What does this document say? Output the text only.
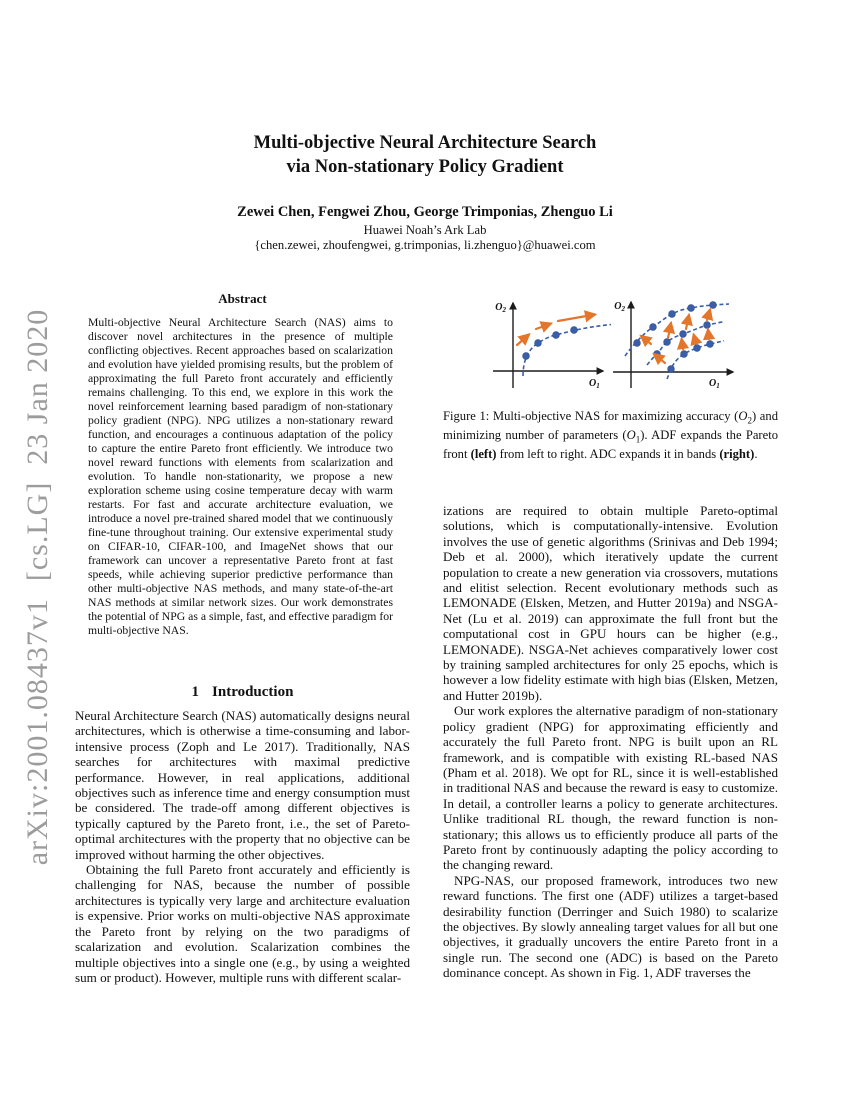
arXiv:2001.08437v1  [cs.LG]  23 Jan 2020
Multi-objective Neural Architecture Search
via Non-stationary Policy Gradient
Zewei Chen, Fengwei Zhou, George Trimponias, Zhenguo Li
Huawei Noah’s Ark Lab
{chen.zewei, zhoufengwei, g.trimponias, li.zhenguo}@huawei.com
Abstract
Multi-objective Neural Architecture Search (NAS) aims to discover novel architectures in the presence of multiple conflicting objectives. Recent approaches based on scalarization and evolution have yielded promising results, but the problem of approximating the full Pareto front accurately and efficiently remains challenging. To this end, we explore in this work the novel reinforcement learning based paradigm of non-stationary policy gradient (NPG). NPG utilizes a non-stationary reward function, and encourages a continuous adaptation of the policy to capture the entire Pareto front efficiently. We introduce two novel reward functions with elements from scalarization and evolution. To handle non-stationarity, we propose a new exploration scheme using cosine temperature decay with warm restarts. For fast and accurate architecture evaluation, we introduce a novel pre-trained shared model that we continuously fine-tune throughout training. Our extensive experimental study on CIFAR-10, CIFAR-100, and ImageNet shows that our framework can uncover a representative Pareto front at fast speeds, while achieving superior predictive performance than other multi-objective NAS methods, and many state-of-the-art NAS methods at similar network sizes. Our work demonstrates the potential of NPG as a simple, fast, and effective paradigm for multi-objective NAS.
1 Introduction

Neural Architecture Search (NAS) automatically designs neural architectures, which is otherwise a time-consuming and labor-intensive process (Zoph and Le 2017). Traditionally, NAS searches for architectures with maximal predictive performance. However, in real applications, additional objectives such as inference time and energy consumption must be considered. The trade-off among different objectives is typically captured by the Pareto front, i.e., the set of Pareto-optimal architectures with the property that no objective can be improved without harming the other objectives.

Obtaining the full Pareto front accurately and efficiently is challenging for NAS, because the number of possible architectures is typically very large and architecture evaluation is expensive. Prior works on multi-objective NAS approximate the Pareto front by relying on the two paradigms of scalarization and evolution. Scalarization combines the multiple objectives into a single one (e.g., by using a weighted sum or product). However, multiple runs with different scalar-

$O_2$
$O_1$
$O_2$
$O_1$
Figure 1: Multi-objective NAS for maximizing accuracy $(O_2)$ and minimizing number of parameters $(O_1)$. ADF expands the Pareto front (left) from left to right. ADC expands it in bands (right).

izations are required to obtain multiple Pareto-optimal solutions, which is computationally-intensive. Evolution involves the use of genetic algorithms (Srinivas and Deb 1994; Deb et al. 2000), which iteratively update the current population to create a new generation via crossovers, mutations and elitist selection. Recent evolutionary methods such as LEMONADE (Elsken, Metzen, and Hutter 2019a) and NSGA-Net (Lu et al. 2019) can approximate the full front but the computational cost in GPU hours can be higher (e.g., LEMONADE). NSGA-Net achieves comparatively lower cost by training sampled architectures for only 25 epochs, which is however a low fidelity estimate with high bias (Elsken, Metzen, and Hutter 2019b).

Our work explores the alternative paradigm of non-stationary policy gradient (NPG) for approximating efficiently and accurately the full Pareto front. NPG is built upon an RL framework, and is compatible with existing RL-based NAS (Pham et al. 2018). We opt for RL, since it is well-established in traditional NAS and because the reward is easy to customize. In detail, a controller learns a policy to generate architectures. Unlike traditional RL though, the reward function is non-stationary; this allows us to efficiently produce all parts of the Pareto front by continuously adapting the policy according to the changing reward.

NPG-NAS, our proposed framework, introduces two new reward functions. The first one (ADF) utilizes a target-based desirability function (Derringer and Suich 1980) to scalarize the objectives. By slowly annealing target values for all but one objectives, it gradually uncovers the entire Pareto front in a single run. The second one (ADC) is based on the Pareto dominance concept. As shown in Fig. 1, ADF traverses the
